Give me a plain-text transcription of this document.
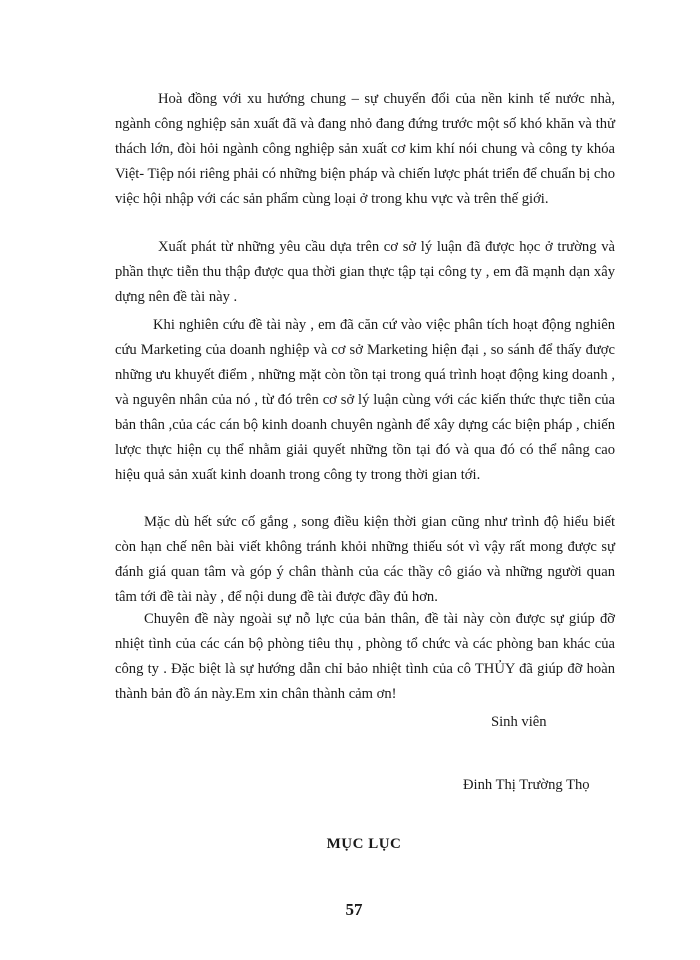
Hoà đồng với xu hướng chung – sự chuyển đổi của nền kinh tế nước nhà, ngành công nghiệp sản xuất đã và đang nhỏ đang đứng trước một số khó khăn và thử thách lớn, đòi hỏi ngành công nghiệp sản xuất cơ kim khí nói chung và công ty khóa Việt- Tiệp nói riêng phải có những biện pháp và chiến lược phát triển để chuẩn bị cho việc hội nhập với các sản phẩm cùng loại ở trong khu vực và trên thế giới.

Xuất phát từ những yêu cầu dựa trên cơ sở lý luận đã được học ở trường và phần thực tiễn thu thập được qua thời gian thực tập tại công ty , em đã mạnh dạn xây dựng nên đề tài này .

Khi nghiên cứu đề tài này , em đã căn cứ vào việc phân tích hoạt động nghiên cứu Marketing của doanh nghiệp và cơ sở Marketing hiện đại , so sánh để thấy được những ưu khuyết điểm , những mặt còn tồn tại trong quá trình hoạt động king doanh , và nguyên nhân của nó , từ đó trên cơ sở lý luận cùng với các kiến thức thực tiễn của bản thân ,của các cán bộ kinh doanh chuyên ngành để xây dựng các biện pháp , chiến lược thực hiện cụ thể nhằm giải quyết những tồn tại đó và qua đó có thể nâng cao hiệu quả sản xuất kinh doanh trong công ty trong thời gian tới.

Mặc dù hết sức cố gắng , song điều kiện thời gian cũng như trình độ hiểu biết còn hạn chế nên bài viết không tránh khỏi những thiếu sót vì vậy rất mong được sự đánh giá quan tâm và góp ý chân thành của các thầy cô giáo và những người quan tâm tới đề tài này , để nội dung đề tài được đầy đủ hơn.

Chuyên đề này ngoài sự nỗ lực của bản thân, đề tài này còn được sự giúp đỡ nhiệt tình của các cán bộ phòng tiêu thụ , phòng tổ chức và các phòng ban khác của công ty . Đặc biệt là sự hướng dẫn chỉ bảo nhiệt tình của cô THỦY đã giúp đỡ hoàn thành bản đồ án này.Em xin chân thành cảm ơn!

Sinh viên

Đinh Thị Trường Thọ

MỤC LỤC

57
